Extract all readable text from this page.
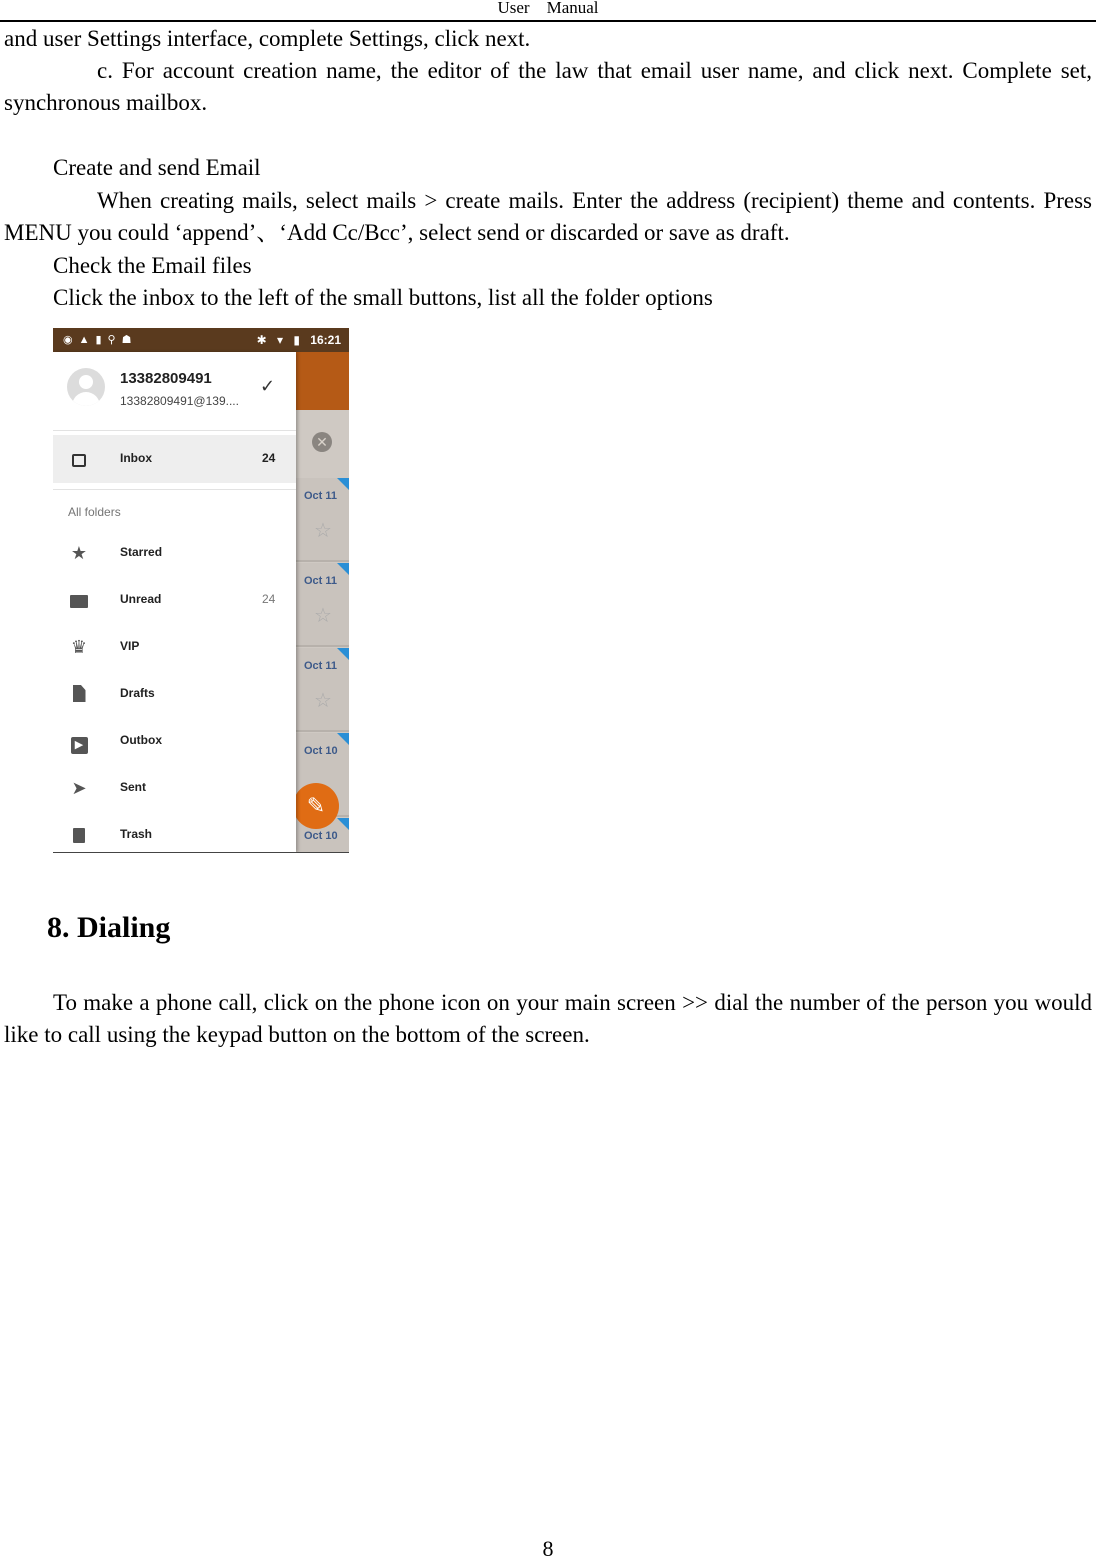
User    Manual
and user Settings interface, complete Settings, click next.
c. For account creation name, the editor of the law that email user name, and click next. Complete set, synchronous mailbox.
Create and send Email
When creating mails, select mails > create mails. Enter the address (recipient) theme and contents. Press MENU you could ‘append’、‘Add Cc/Bcc’, select send or discarded or save as draft.
Check the Email files
Click the inbox to the left of the small buttons, list all the folder options
◉▲▮⚲☗	✱ ▾ ▮ 16:21
Oct 11
☆
Oct 11
☆
Oct 11
☆
Oct 10
Oct 10
✕
✎
13382809491
13382809491@139....
✓
Inbox	24
All folders
★	Starred
Unread	24
♛	VIP
Drafts
▶	Outbox
➤	Sent
Trash
8. Dialing
To make a phone call, click on the phone icon on your main screen >> dial the number of the person you would like to call using the keypad button on the bottom of the screen.
8
